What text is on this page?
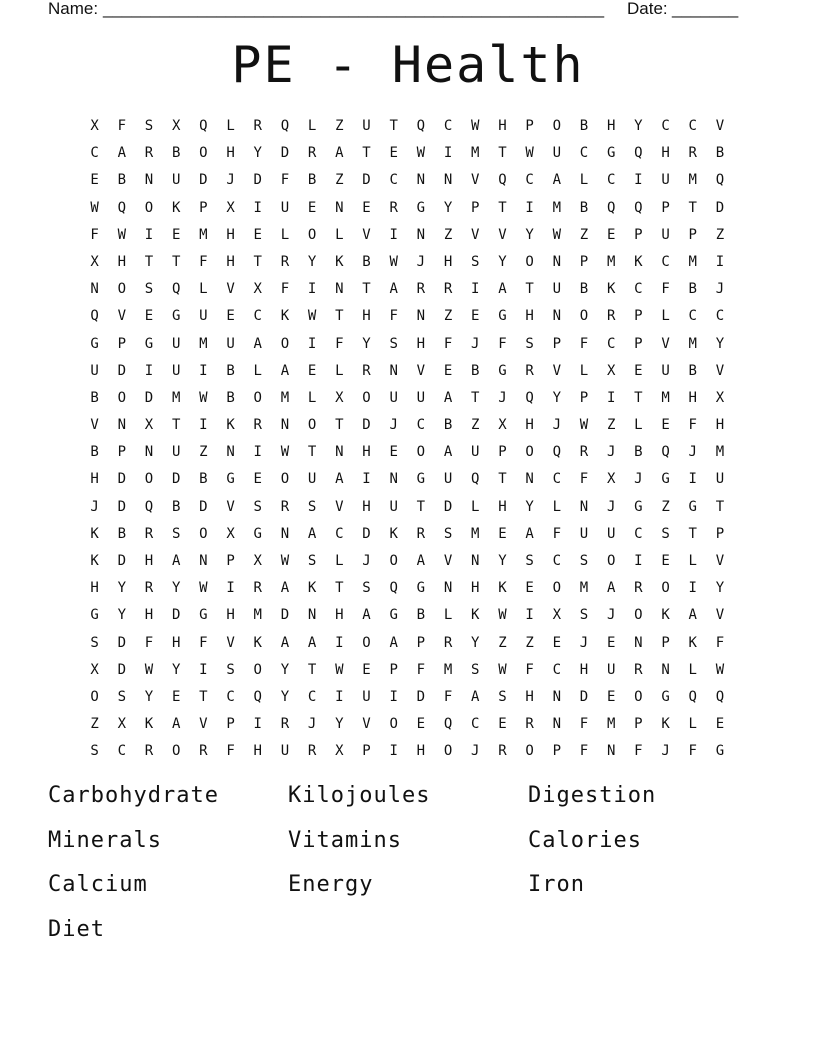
Name: _____________________________________________________ Date: _______
PE - Health
X	F	S	X	Q	L	R	Q	L	Z	U	T	Q	C	W	H	P	O	B	H	Y	C	C	V
C	A	R	B	O	H	Y	D	R	A	T	E	W	I	M	T	W	U	C	G	Q	H	R	B
E	B	N	U	D	J	D	F	B	Z	D	C	N	N	V	Q	C	A	L	C	I	U	M	Q
W	Q	O	K	P	X	I	U	E	N	E	R	G	Y	P	T	I	M	B	Q	Q	P	T	D
F	W	I	E	M	H	E	L	O	L	V	I	N	Z	V	V	Y	W	Z	E	P	U	P	Z
X	H	T	T	F	H	T	R	Y	K	B	W	J	H	S	Y	O	N	P	M	K	C	M	I
N	O	S	Q	L	V	X	F	I	N	T	A	R	R	I	A	T	U	B	K	C	F	B	J
Q	V	E	G	U	E	C	K	W	T	H	F	N	Z	E	G	H	N	O	R	P	L	C	C
G	P	G	U	M	U	A	O	I	F	Y	S	H	F	J	F	S	P	F	C	P	V	M	Y
U	D	I	U	I	B	L	A	E	L	R	N	V	E	B	G	R	V	L	X	E	U	B	V
B	O	D	M	W	B	O	M	L	X	O	U	U	A	T	J	Q	Y	P	I	T	M	H	X
V	N	X	T	I	K	R	N	O	T	D	J	C	B	Z	X	H	J	W	Z	L	E	F	H
B	P	N	U	Z	N	I	W	T	N	H	E	O	A	U	P	O	Q	R	J	B	Q	J	M
H	D	O	D	B	G	E	O	U	A	I	N	G	U	Q	T	N	C	F	X	J	G	I	U
J	D	Q	B	D	V	S	R	S	V	H	U	T	D	L	H	Y	L	N	J	G	Z	G	T
K	B	R	S	O	X	G	N	A	C	D	K	R	S	M	E	A	F	U	U	C	S	T	P
K	D	H	A	N	P	X	W	S	L	J	O	A	V	N	Y	S	C	S	O	I	E	L	V
H	Y	R	Y	W	I	R	A	K	T	S	Q	G	N	H	K	E	O	M	A	R	O	I	Y
G	Y	H	D	G	H	M	D	N	H	A	G	B	L	K	W	I	X	S	J	O	K	A	V
S	D	F	H	F	V	K	A	A	I	O	A	P	R	Y	Z	Z	E	J	E	N	P	K	F
X	D	W	Y	I	S	O	Y	T	W	E	P	F	M	S	W	F	C	H	U	R	N	L	W
O	S	Y	E	T	C	Q	Y	C	I	U	I	D	F	A	S	H	N	D	E	O	G	Q	Q
Z	X	K	A	V	P	I	R	J	Y	V	O	E	Q	C	E	R	N	F	M	P	K	L	E
S	C	R	O	R	F	H	U	R	X	P	I	H	O	J	R	O	P	F	N	F	J	F	G
Carbohydrate	Kilojoules	Digestion
Minerals	Vitamins	Calories
Calcium	Energy	Iron
Diet
